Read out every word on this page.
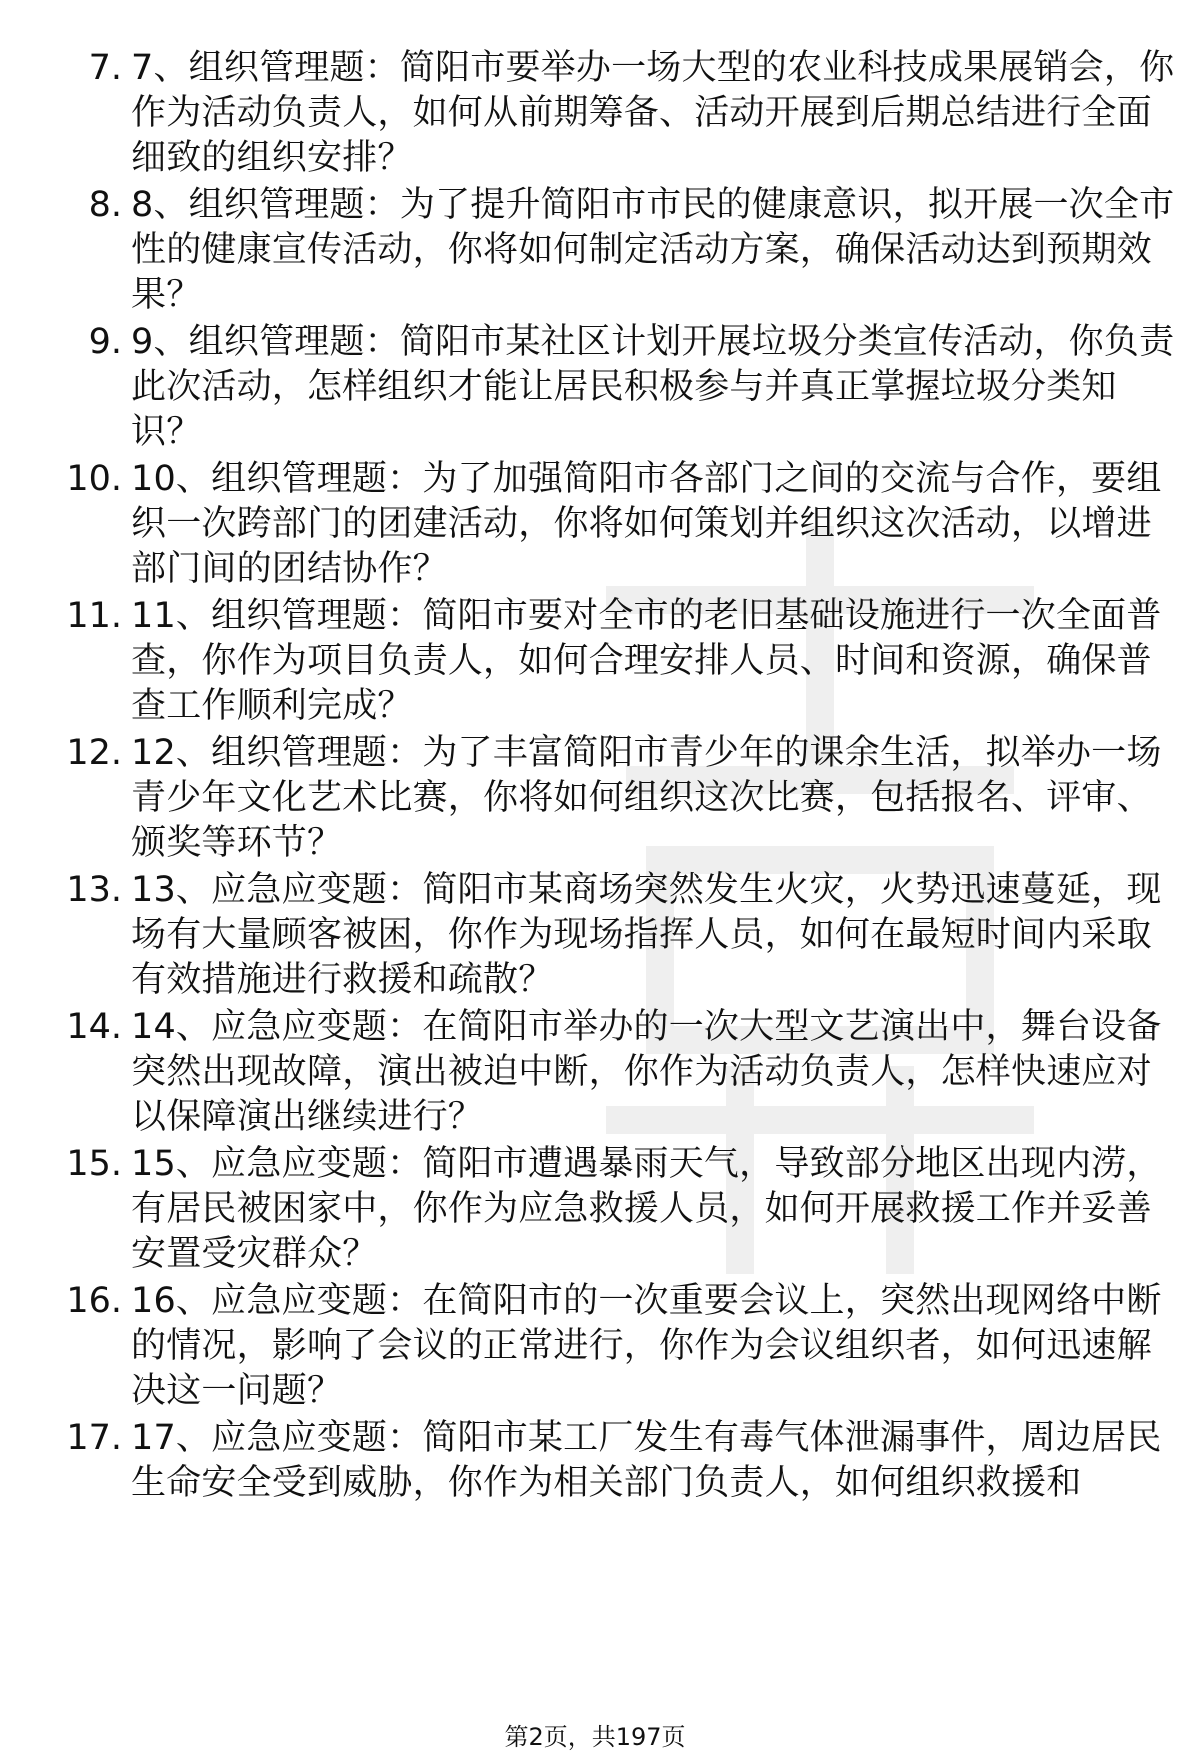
7. 7、组织管理题：简阳市要举办一场大型的农业科技成果展销会，你作为活动负责人，如何从前期筹备、活动开展到后期总结进行全面细致的组织安排？
8. 8、组织管理题：为了提升简阳市市民的健康意识，拟开展一次全市性的健康宣传活动，你将如何制定活动方案，确保活动达到预期效果？
9. 9、组织管理题：简阳市某社区计划开展垃圾分类宣传活动，你负责此次活动，怎样组织才能让居民积极参与并真正掌握垃圾分类知识？
10. 10、组织管理题：为了加强简阳市各部门之间的交流与合作，要组织一次跨部门的团建活动，你将如何策划并组织这次活动，以增进部门间的团结协作？
11. 11、组织管理题：简阳市要对全市的老旧基础设施进行一次全面普查，你作为项目负责人，如何合理安排人员、时间和资源，确保普查工作顺利完成？
12. 12、组织管理题：为了丰富简阳市青少年的课余生活，拟举办一场青少年文化艺术比赛，你将如何组织这次比赛，包括报名、评审、颁奖等环节？
13. 13、应急应变题：简阳市某商场突然发生火灾，火势迅速蔓延，现场有大量顾客被困，你作为现场指挥人员，如何在最短时间内采取有效措施进行救援和疏散？
14. 14、应急应变题：在简阳市举办的一次大型文艺演出中，舞台设备突然出现故障，演出被迫中断，你作为活动负责人，怎样快速应对以保障演出继续进行？
15. 15、应急应变题：简阳市遭遇暴雨天气，导致部分地区出现内涝，有居民被困家中，你作为应急救援人员，如何开展救援工作并妥善安置受灾群众？
16. 16、应急应变题：在简阳市的一次重要会议上，突然出现网络中断的情况，影响了会议的正常进行，你作为会议组织者，如何迅速解决这一问题？
17. 17、应急应变题：简阳市某工厂发生有毒气体泄漏事件，周边居民生命安全受到威胁，你作为相关部门负责人，如何组织救援和
第2页，共197页
